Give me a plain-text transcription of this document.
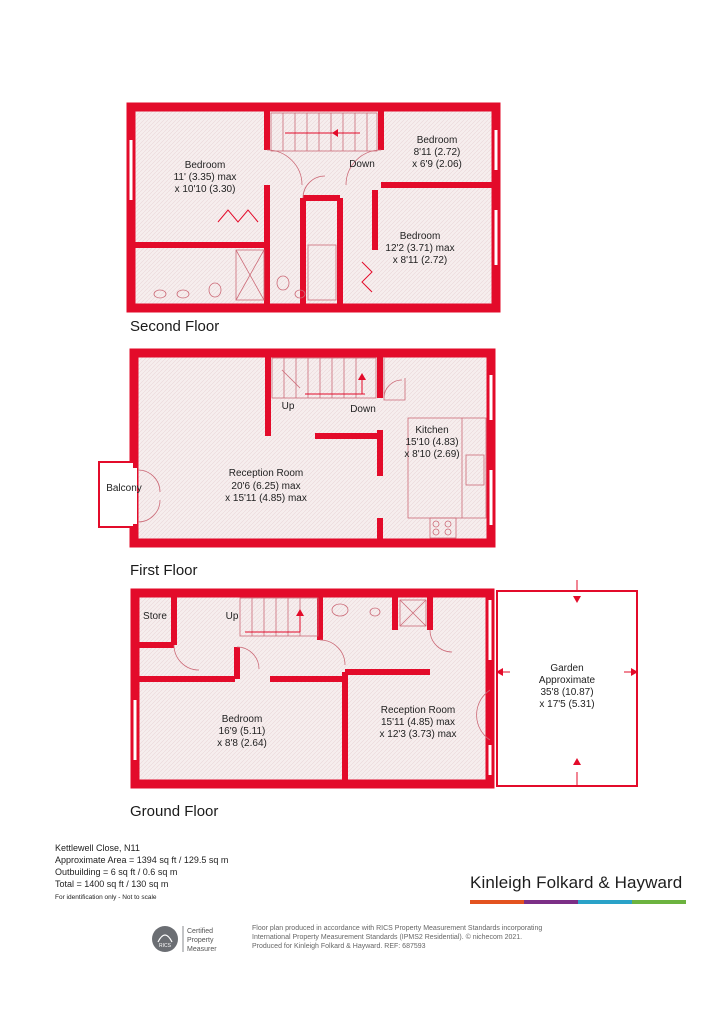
Bedroom
11' (3.35) max
x 10'10 (3.30)
Bedroom
8'11 (2.72)
x 6'9 (2.06)
Bedroom
12'2 (3.71) max
x 8'11 (2.72)
Down
Reception Room
20'6 (6.25) max
x 15'11 (4.85) max
Kitchen
15'10 (4.83)
x 8'10 (2.69)
Balcony
Up	Down
Bedroom
16'9 (5.11)
x 8'8 (2.64)
Reception Room
15'11 (4.85) max
x 12'3 (3.73) max
Store
Garden
Approximate
35'8 (10.87)
x 17'5 (5.31)
Up
Second Floor
First Floor
Ground Floor
Kettlewell Close, N11
Approximate Area = 1394 sq ft / 129.5 sq m
Outbuilding = 6 sq ft / 0.6 sq m
Total = 1400 sq ft / 130 sq m
For identification only - Not to scale
Kinleigh Folkard & Hayward
RICS
Certified
Property
Measurer
Floor plan produced in accordance with RICS Property Measurement Standards incorporating
International Property Measurement Standards (IPMS2 Residential). © nichecom 2021.
Produced for Kinleigh Folkard & Hayward. REF: 687593
